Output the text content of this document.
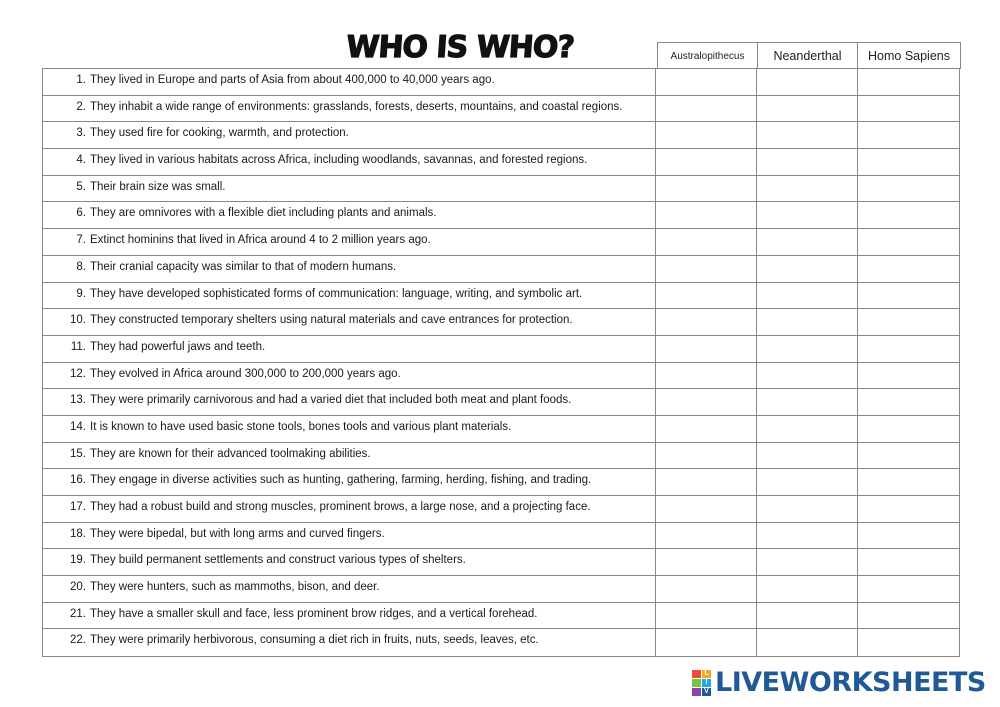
WHO IS WHO?	Australopithecus	Neanderthal	Homo Sapiens
1. They lived in Europe and parts of Asia from about 400,000 to 40,000 years ago.
2. They inhabit a wide range of environments: grasslands, forests, deserts, mountains, and coastal regions.
3. They used fire for cooking, warmth, and protection.
4. They lived in various habitats across Africa, including woodlands, savannas, and forested regions.
5. Their brain size was small.
6. They are omnivores with a flexible diet including plants and animals.
7. Extinct hominins that lived in Africa around 4 to 2 million years ago.
8. Their cranial capacity was similar to that of modern humans.
9. They have developed sophisticated forms of communication: language, writing, and symbolic art.
10. They constructed temporary shelters using natural materials and cave entrances for protection.
11. They had powerful jaws and teeth.
12. They evolved in Africa around 300,000 to 200,000 years ago.
13. They were primarily carnivorous and had a varied diet that included both meat and plant foods.
14. It is known to have used basic stone tools, bones tools and various plant materials.
15. They are known for their advanced toolmaking abilities.
16. They engage in diverse activities such as hunting, gathering, farming, herding, fishing, and trading.
17. They had a robust build and strong muscles, prominent brows, a large nose, and a projecting face.
18. They were bipedal, but with long arms and curved fingers.
19. They build permanent settlements and construct various types of shelters.
20. They were hunters, such as mammoths, bison, and deer.
21. They have a smaller skull and face, less prominent brow ridges, and a vertical forehead.
22. They were primarily herbivorous, consuming a diet rich in fruits, nuts, seeds, leaves, etc.
L
I
V LIVEWORKSHEETS
